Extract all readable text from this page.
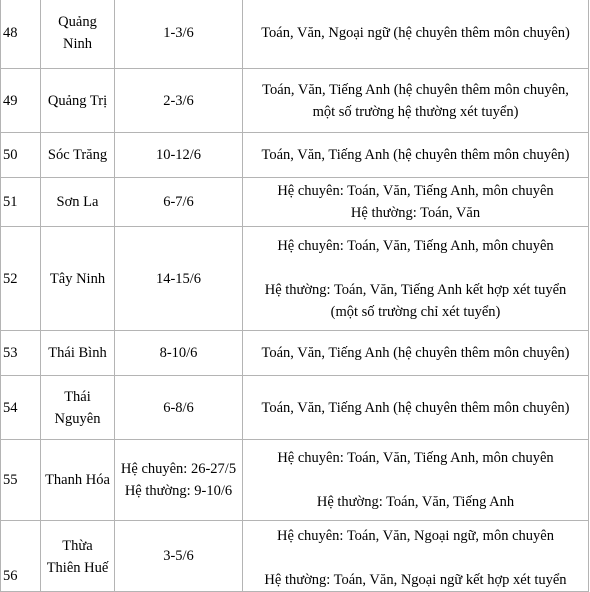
48	Quảng
Ninh	1-3/6	Toán, Văn, Ngoại ngữ (hệ chuyên thêm môn chuyên)

49	Quảng Trị	2-3/6	Toán, Văn, Tiếng Anh (hệ chuyên thêm môn chuyên,
một số trường hệ thường xét tuyển)

50	Sóc Trăng	10-12/6	Toán, Văn, Tiếng Anh (hệ chuyên thêm môn chuyên)

51	Sơn La	6-7/6	Hệ chuyên: Toán, Văn, Tiếng Anh, môn chuyên
Hệ thường: Toán, Văn

52	Tây Ninh	14-15/6	Hệ chuyên: Toán, Văn, Tiếng Anh, môn chuyên
Hệ thường: Toán, Văn, Tiếng Anh kết hợp xét tuyển
(một số trường chỉ xét tuyển)

53	Thái Bình	8-10/6	Toán, Văn, Tiếng Anh (hệ chuyên thêm môn chuyên)

54	Thái
Nguyên	6-8/6	Toán, Văn, Tiếng Anh (hệ chuyên thêm môn chuyên)

55	Thanh Hóa	Hệ chuyên: 26-27/5
Hệ thường: 9-10/6	Hệ chuyên: Toán, Văn, Tiếng Anh, môn chuyên
Hệ thường: Toán, Văn, Tiếng Anh

56	Thừa
Thiên Huế	3-5/6	Hệ chuyên: Toán, Văn, Ngoại ngữ, môn chuyên
Hệ thường: Toán, Văn, Ngoại ngữ kết hợp xét tuyển
